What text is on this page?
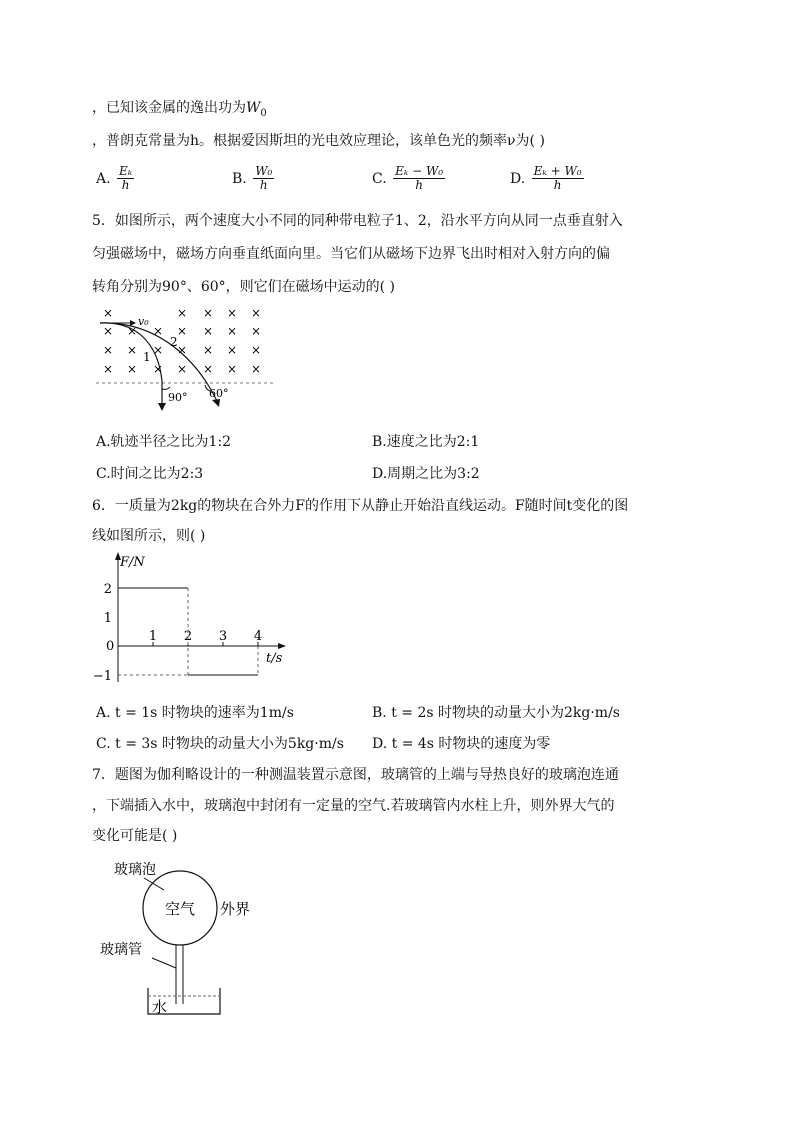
，已知该金属的逸出功为$W_0$
，普朗克常量为h。根据爱因斯坦的光电效应理论，该单色光的频率ν为( )
A. $\frac{\text{Eₖ}}{h}$	B. $\frac{\text{W₀}}{h}$	C. $\frac{\text{Eₖ − W₀}}{h}$	D. $\frac{\text{Eₖ + W₀}}{h}$
5．如图所示，两个速度大小不同的同种带电粒子1、2，沿水平方向从同一点垂直射入
匀强磁场中，磁场方向垂直纸面向里。当它们从磁场下边界飞出时相对入射方向的偏
转角分别为90°、60°，则它们在磁场中运动的( )
×	× × × ×
× × × × × × ×
× × × × × × ×
× × × × × × ×
v₀
1
2
90° 60°
A.轨迹半径之比为1:2	B.速度之比为2:1
C.时间之比为2:3	D.周期之比为3:2
6．一质量为2kg的物块在合外力F的作用下从静止开始沿直线运动。F随时间t变化的图
线如图所示，则( )
F/N
t/s
0
1 2 3 4
2
1
−1
A. t = 1s 时物块的速率为1m/s	B. t = 2s 时物块的动量大小为2kg·m/s
C. t = 3s 时物块的动量大小为5kg·m/s D. t = 4s 时物块的速度为零
7．题图为伽利略设计的一种测温装置示意图，玻璃管的上端与导热良好的玻璃泡连通
，下端插入水中，玻璃泡中封闭有一定量的空气.若玻璃管内水柱上升，则外界大气的
变化可能是( )
玻璃泡
空气 外界
玻璃管
水
